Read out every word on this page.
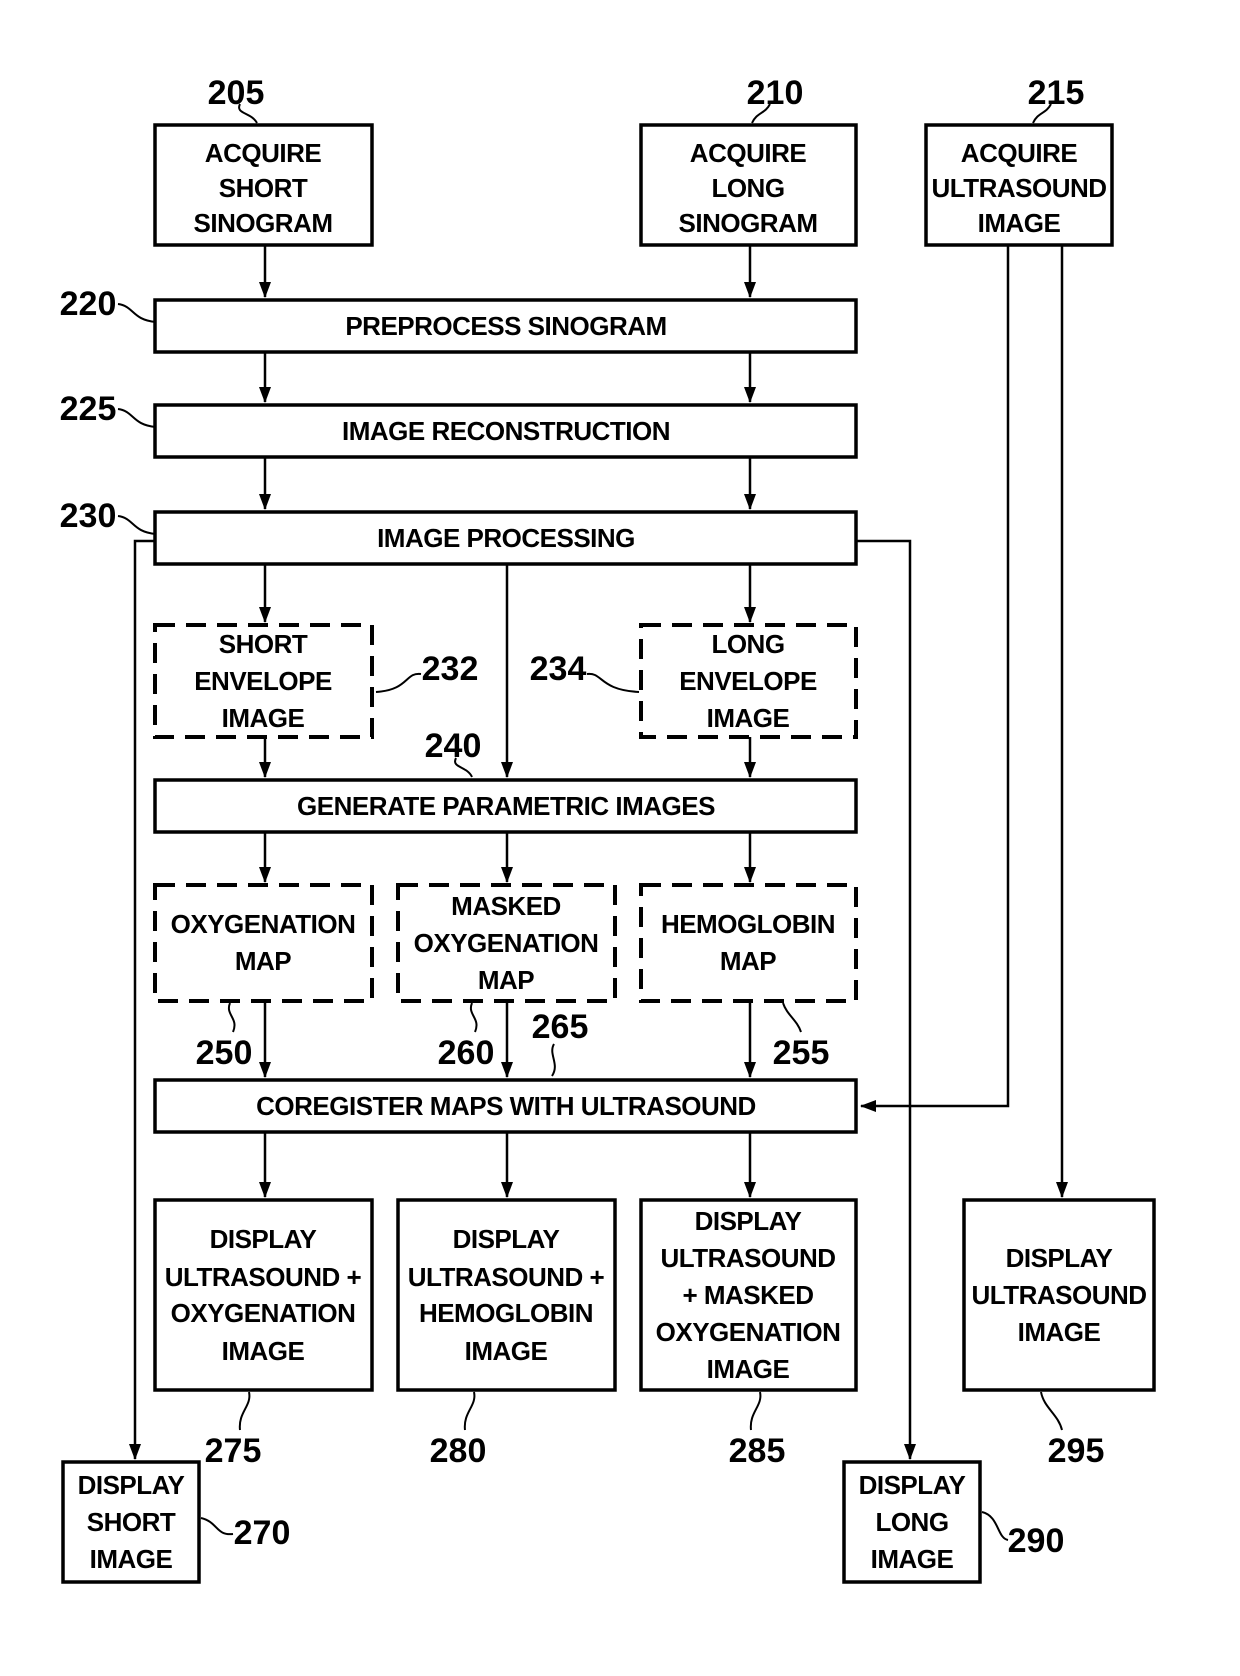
205	210	215
220
225
230
232 234
240
250	260
265
255
275	280	285	295
270	290
ACQUIRE
SHORT
SINOGRAM
ACQUIRE
LONG
SINOGRAM
ACQUIRE
ULTRASOUND
IMAGE
PREPROCESS SINOGRAM
IMAGE RECONSTRUCTION
IMAGE PROCESSING
SHORT
ENVELOPE
IMAGE
LONG
ENVELOPE
IMAGE
GENERATE PARAMETRIC IMAGES
OXYGENATION
MAP
MASKED
OXYGENATION
MAP
HEMOGLOBIN
MAP
COREGISTER MAPS WITH ULTRASOUND
DISPLAY
ULTRASOUND +
OXYGENATION
IMAGE
DISPLAY
ULTRASOUND +
HEMOGLOBIN
IMAGE
DISPLAY
ULTRASOUND
+ MASKED
OXYGENATION
IMAGE
DISPLAY
ULTRASOUND
IMAGE
DISPLAY
SHORT
IMAGE
DISPLAY
LONG
IMAGE
